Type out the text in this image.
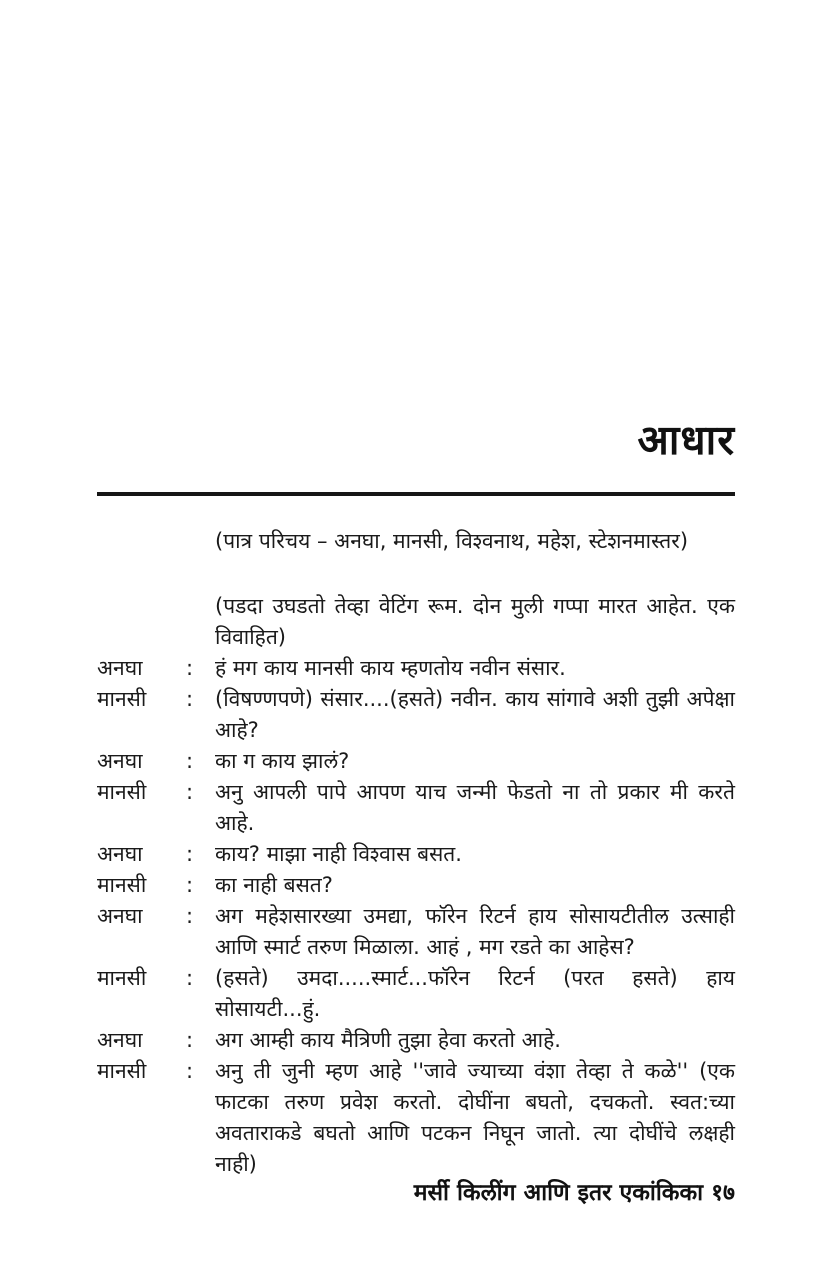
आधार
(पात्र परिचय – अनघा, मानसी, विश्वनाथ, महेश, स्टेशनमास्तर)
(पडदा उघडतो तेव्हा वेटिंग रूम. दोन मुली गप्पा मारत आहेत. एक विवाहित)
अनघा	:	हं मग काय मानसी काय म्हणतोय नवीन संसार.
मानसी	:	(विषण्णपणे) संसार....(हसते) नवीन. काय सांगावे अशी तुझी अपेक्षा आहे?
अनघा	:	का ग काय झालं?
मानसी	:	अनु आपली पापे आपण याच जन्मी फेडतो ना तो प्रकार मी करते आहे.
अनघा	:	काय? माझा नाही विश्वास बसत.
मानसी	:	का नाही बसत?
अनघा	:	अग महेशसारख्या उमद्या, फॉरेन रिटर्न हाय सोसायटीतील उत्साही आणि स्मार्ट तरुण मिळाला. आहं , मग रडते का आहेस?
मानसी	:	(हसते) उमदा.....स्मार्ट...फॉरेन रिटर्न (परत हसते) हाय सोसायटी...हुं.
अनघा	:	अग आम्ही काय मैत्रिणी तुझा हेवा करतो आहे.
मानसी	:	अनु ती जुनी म्हण आहे ''जावे ज्याच्या वंशा तेव्हा ते कळे'' (एक फाटका तरुण प्रवेश करतो. दोघींना बघतो, दचकतो. स्वत:च्या अवताराकडे बघतो आणि पटकन निघून जातो. त्या दोघींचे लक्षही नाही)
मर्सी किलींग आणि इतर एकांकिका १७
